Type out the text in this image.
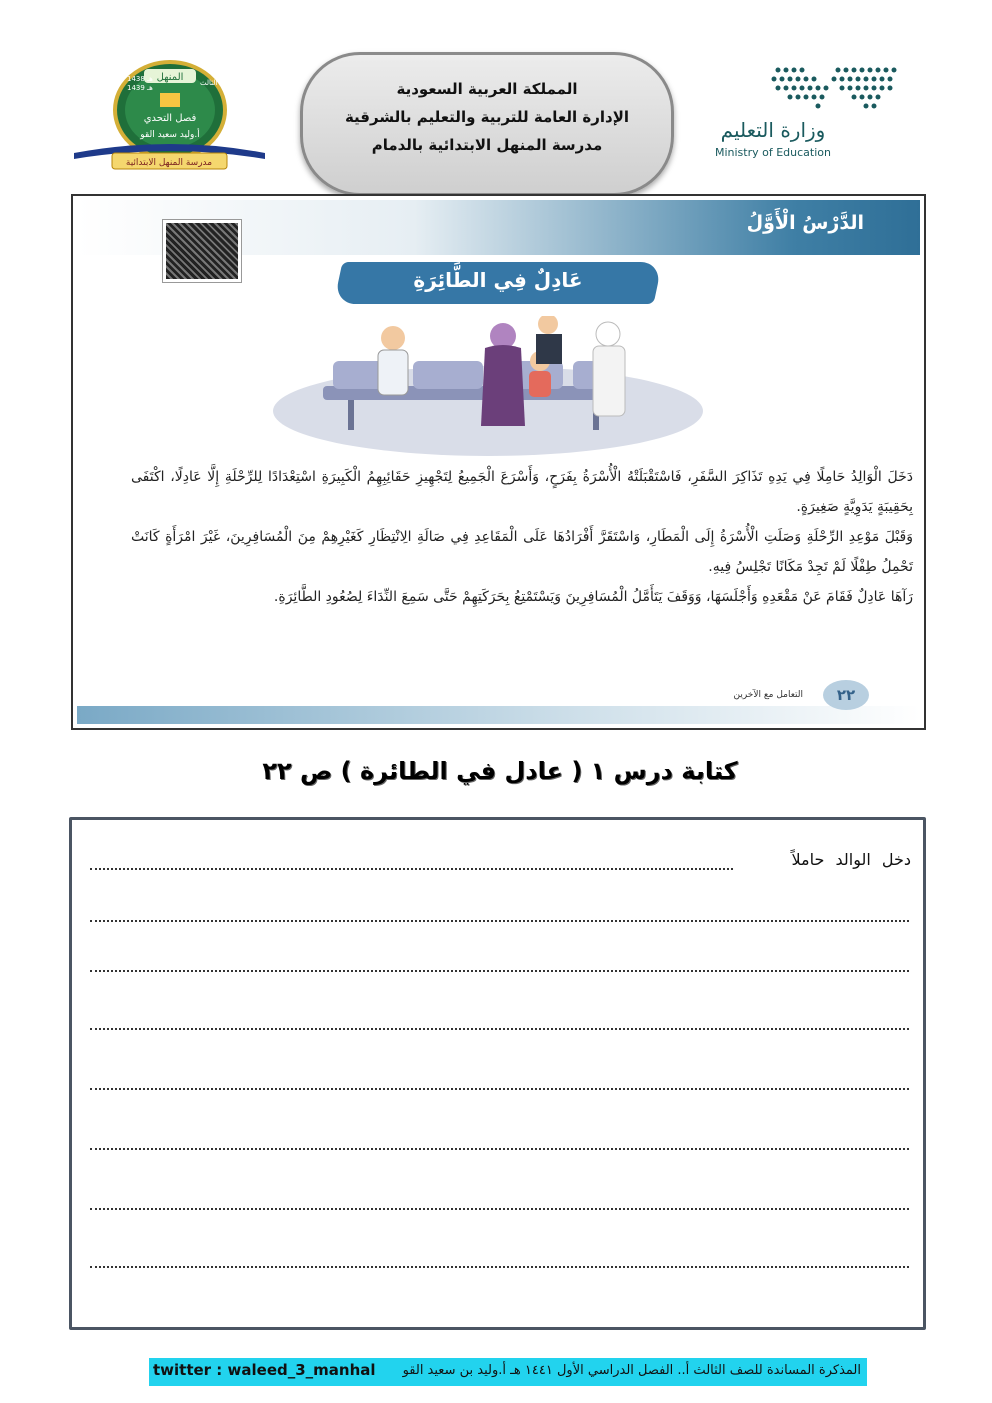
مدرسة المنهل الابتدائية
المنهل
1438 هـ
1439 هـ
الثالث
فصل التحدي
أ.وليد سعيد القو
المملكة العربية السعودية
الإدارة العامة للتربية والتعليم بالشرقية
مدرسة المنهل الابتدائية بالدمام
وزارة التعليم
Ministry of Education
الدَّرْسُ الْأَوَّلُ
عَادِلٌ فِي الطَّائِرَةِ

دَخَلَ الْوَالِدُ حَامِلًا فِي يَدِهِ تَذَاكِرَ السَّفَرِ، فَاسْتَقْبَلَتْهُ الْأُسْرَةُ بِفَرَحٍ، وَأَسْرَعَ الْجَمِيعُ لِتَجْهِيزِ حَقَائِبِهِمُ الْكَبِيرَةِ اسْتِعْدَادًا لِلرِّحْلَةِ إِلَّا عَادِلًا، اكْتَفَى بِحَقِيبَةٍ يَدَوِيَّةٍ صَغِيرَةٍ.

وَقَبْلَ مَوْعِدِ الرِّحْلَةِ وَصَلَتِ الْأُسْرَةُ إِلَى الْمَطَارِ، وَاسْتَقَرَّ أَفْرَادُهَا عَلَى الْمَقَاعِدِ فِي صَالَةِ الِانْتِظَارِ كَغَيْرِهِمْ مِنَ الْمُسَافِرِينَ، غَيْرَ امْرَأَةٍ كَانَتْ تَحْمِلُ طِفْلًا لَمْ تَجِدْ مَكَانًا تَجْلِسُ فِيهِ.

رَآهَا عَادِلٌ فَقَامَ عَنْ مَقْعَدِهِ وَأَجْلَسَهَا، وَوَقَفَ يَتَأَمَّلُ الْمُسَافِرِينَ وَيَسْتَمْتِعُ بِحَرَكَتِهِمْ حَتَّى سَمِعَ النِّدَاءَ لِصُعُودِ الطَّائِرَةِ.

التعامل مع الآخرين	٢٢
كتابة درس ١ ( عادل في الطائرة ) ص ٢٢
دخل الوالد حاملاً
المذكرة المساندة للصف الثالث أ.. الفصل الدراسي الأول ١٤٤١ هـ أ.وليد بن سعيد القو
twitter : waleed_3_manhal
